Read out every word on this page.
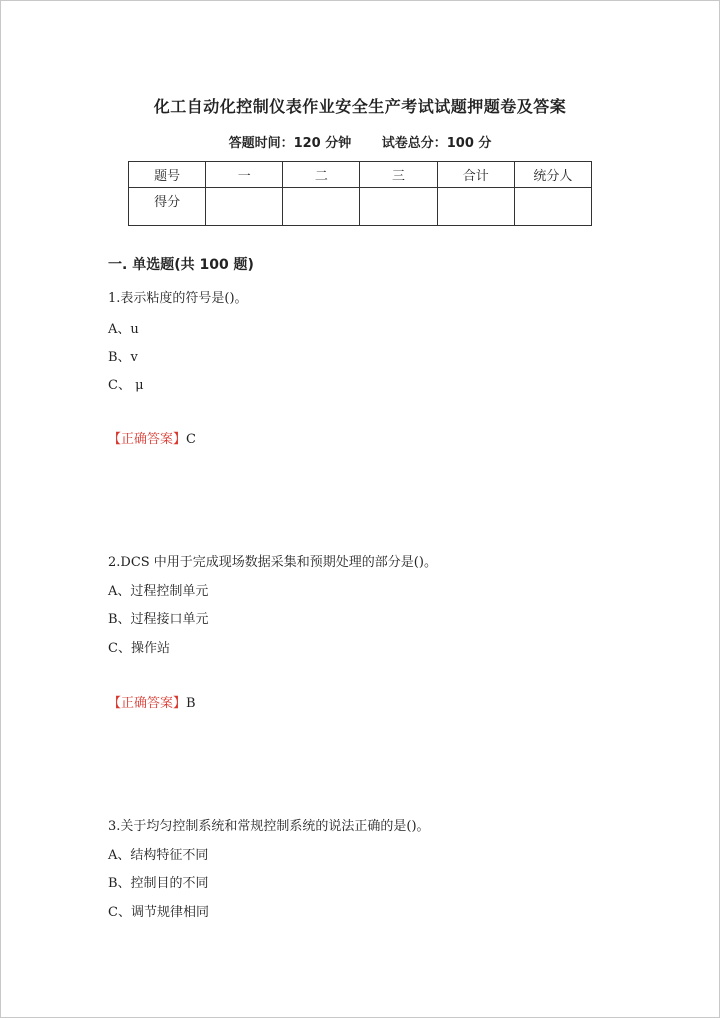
化工自动化控制仪表作业安全生产考试试题押题卷及答案
答题时间：120 分钟 试卷总分：100 分
题号	一	二	三	合计	统分人
得分					
一. 单选题(共 100 题)
1.表示粘度的符号是()。
A、u
B、v
C、 μ
【正确答案】C
2.DCS 中用于完成现场数据采集和预期处理的部分是()。
A、过程控制单元
B、过程接口单元
C、操作站
【正确答案】B
3.关于均匀控制系统和常规控制系统的说法正确的是()。
A、结构特征不同
B、控制目的不同
C、调节规律相同
